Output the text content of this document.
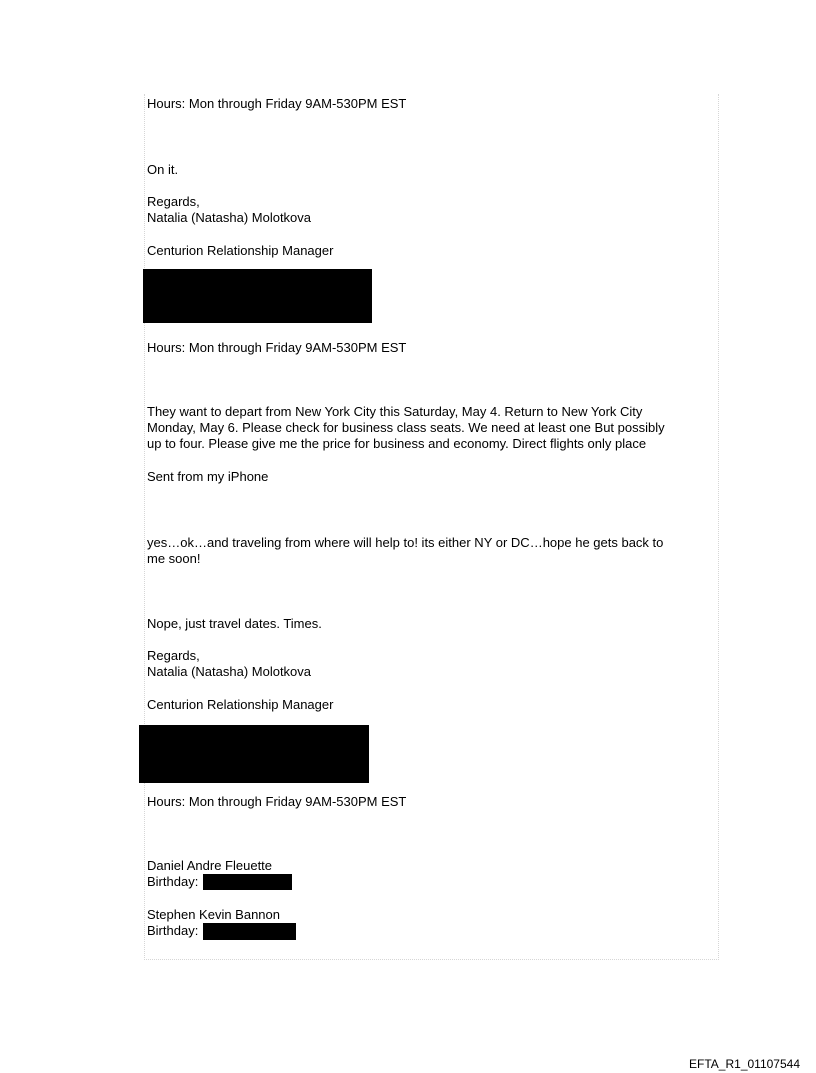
Hours: Mon through Friday 9AM-530PM EST
On it.
Regards,
Natalia (Natasha) Molotkova
Centurion Relationship Manager
Hours: Mon through Friday 9AM-530PM EST
They want to depart from New York City this Saturday, May 4. Return to New York City
Monday, May 6. Please check for business class seats. We need at least one But possibly
up to four. Please give me the price for business and economy. Direct flights only place
Sent from my iPhone
yes…ok…and traveling from where will help to! its either NY or DC…hope he gets back to
me soon!
Nope, just travel dates. Times.
Regards,
Natalia (Natasha) Molotkova
Centurion Relationship Manager
Hours: Mon through Friday 9AM-530PM EST
Daniel Andre Fleuette
Birthday:
Stephen Kevin Bannon
Birthday:
EFTA_R1_01107544
